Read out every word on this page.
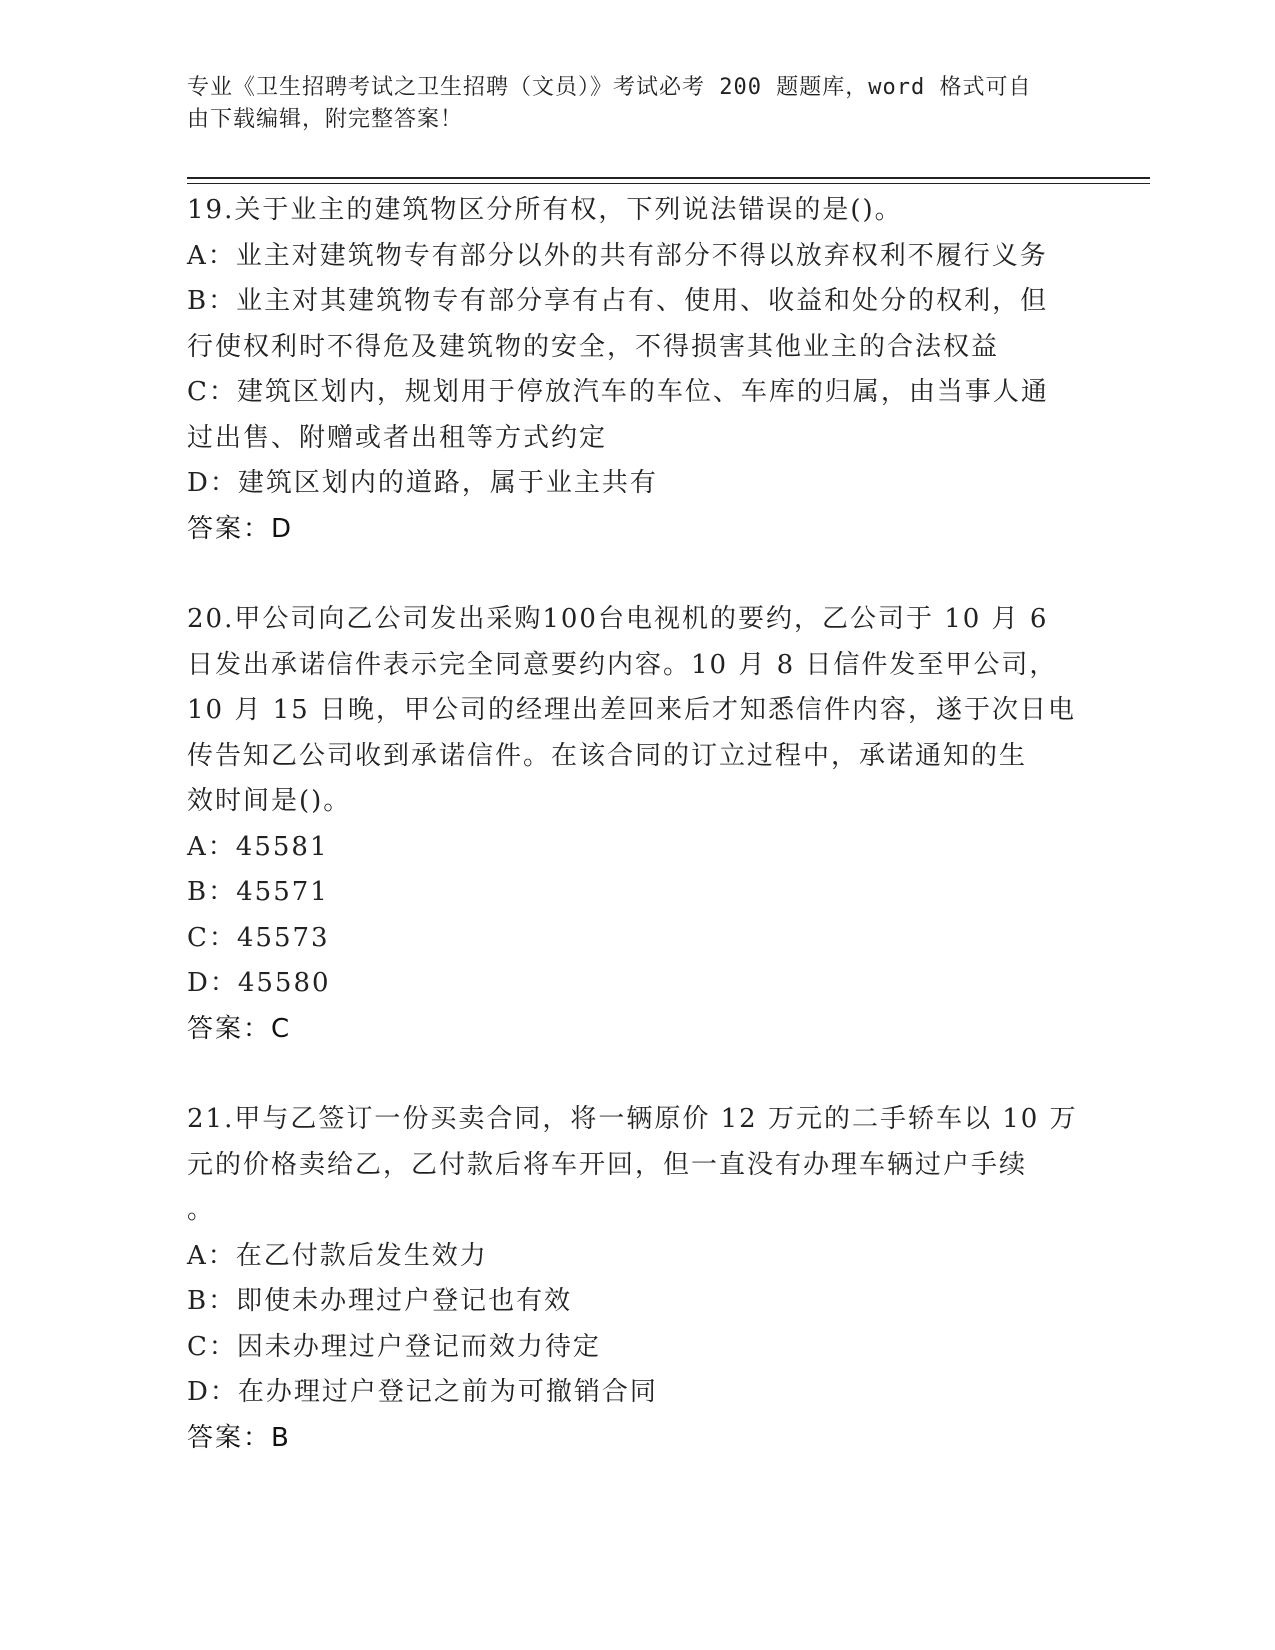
专业《卫生招聘考试之卫生招聘（文员）》考试必考 200 题题库，word 格式可自
由下载编辑，附完整答案！
19.关于业主的建筑物区分所有权，下列说法错误的是()。
A：业主对建筑物专有部分以外的共有部分不得以放弃权利不履行义务
B：业主对其建筑物专有部分享有占有、使用、收益和处分的权利，但
行使权利时不得危及建筑物的安全，不得损害其他业主的合法权益
C：建筑区划内，规划用于停放汽车的车位、车库的归属，由当事人通
过出售、附赠或者出租等方式约定
D：建筑区划内的道路，属于业主共有
答案：D
20.甲公司向乙公司发出采购100台电视机的要约，乙公司于 10 月 6
日发出承诺信件表示完全同意要约内容。10 月 8 日信件发至甲公司，
10 月 15 日晚，甲公司的经理出差回来后才知悉信件内容，遂于次日电
传告知乙公司收到承诺信件。在该合同的订立过程中，承诺通知的生
效时间是()。
A：45581
B：45571
C：45573
D：45580
答案：C
21.甲与乙签订一份买卖合同，将一辆原价 12 万元的二手轿车以 10 万
元的价格卖给乙，乙付款后将车开回，但一直没有办理车辆过户手续
。
A：在乙付款后发生效力
B：即使未办理过户登记也有效
C：因未办理过户登记而效力待定
D：在办理过户登记之前为可撤销合同
答案：B
